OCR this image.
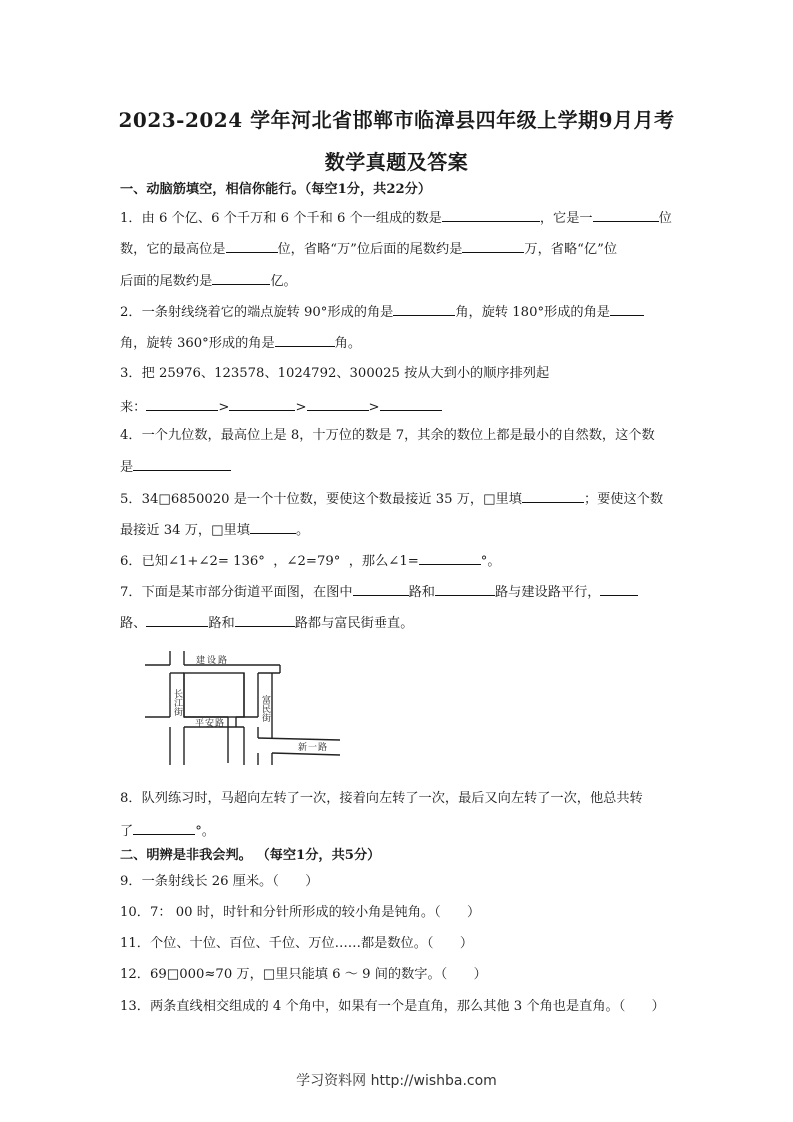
2023-2024 学年河北省邯郸市临漳县四年级上学期9月月考
数学真题及答案
一、动脑筋填空，相信你能行。（每空1分，共22分）
1．由 6 个亿、6 个千万和 6 个千和 6 个一组成的数是	，它是一	位
数，它的最高位是	位，省略“万”位后面的尾数约是	万，省略“亿”位
后面的尾数约是	亿。
2．一条射线绕着它的端点旋转 90°形成的角是	角，旋转 180°形成的角是
角，旋转 360°形成的角是	角。
3．把 25976、123578、1024792、300025 按从大到小的顺序排列起
来：	>	>	>
4．一个九位数，最高位上是 8，十万位的数是 7，其余的数位上都是最小的自然数，这个数
是
5．34□6850020 是一个十位数，要使这个数最接近 35 万，□里填	；要使这个数
最接近 34 万，□里填	。
6．已知∠1+∠2= 136° ，∠2=79° ，那么∠1=	°。
7．下面是某市部分街道平面图，在图中	路和	路与建设路平行，
路、	路和	路都与富民街垂直。
建设路
平安路
新一路
长江街	富民街
8．队列练习时，马超向左转了一次，接着向左转了一次，最后又向左转了一次，他总共转
了	°。
二、明辨是非我会判。 （每空1分，共5分）
9．一条射线长 26 厘米。（　　）
10．7： 00 时，时针和分针所形成的较小角是钝角。（　　）
11．个位、十位、百位、千位、万位……都是数位。（　　）
12．69□000≈70 万，□里只能填 6 ～ 9 间的数字。（　　）
13．两条直线相交组成的 4 个角中，如果有一个是直角，那么其他 3 个角也是直角。（　　）
学习资料网 http://wishba.com
